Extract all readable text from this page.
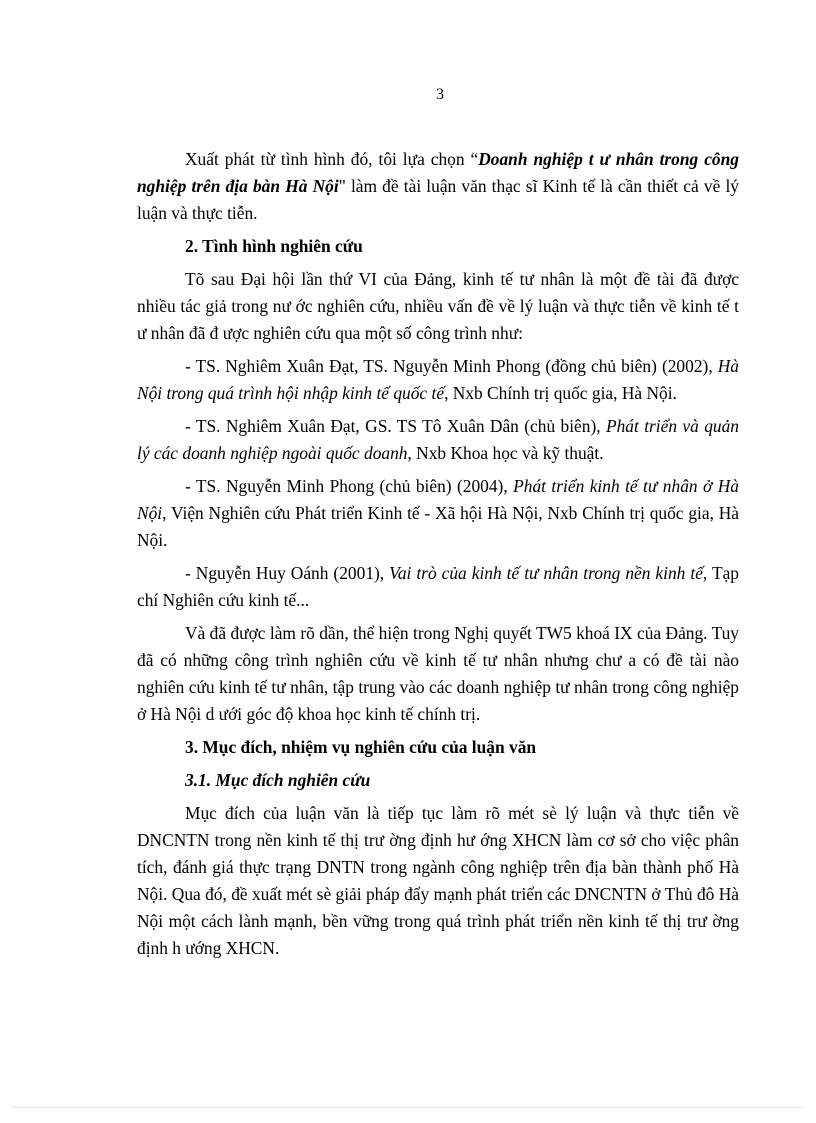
3

Xuất phát từ tình hình đó, tôi lựa chọn “Doanh nghiệp t ư nhân trong công nghiệp trên địa bàn Hà Nội" làm đề tài luận văn thạc sĩ Kinh tế là cần thiết cả về lý luận và thực tiễn.

2. Tình hình nghiên cứu

Tõ sau Đại hội lần thứ VI của Đảng, kinh tế tư nhân là một đề tài đã được nhiều tác giả trong nư ớc nghiên cứu, nhiều vấn đề về lý luận và thực tiễn về kinh tế t ư nhân đã đ ược nghiên cứu qua một số công trình như:

- TS. Nghiêm Xuân Đạt, TS. Nguyễn Minh Phong (đồng chủ biên) (2002), Hà Nội trong quá trình hội nhập kinh tế quốc tế, Nxb Chính trị quốc gia, Hà Nội.

- TS. Nghiêm Xuân Đạt, GS. TS Tô Xuân Dân (chủ biên), Phát triển và quản lý các doanh nghiệp ngoài quốc doanh, Nxb Khoa học và kỹ thuật.

- TS. Nguyễn Minh Phong (chủ biên) (2004), Phát triển kinh tế tư nhân ở Hà Nội, Viện Nghiên cứu Phát triển Kinh tế - Xã hội Hà Nội, Nxb Chính trị quốc gia, Hà Nội.

- Nguyễn Huy Oánh (2001), Vai trò của kinh tế tư nhân trong nền kinh tế, Tạp chí Nghiên cứu kinh tế...

Và đã được làm rõ dần, thể hiện trong Nghị quyết TW5 khoá IX của Đảng. Tuy đã có những công trình nghiên cứu về kinh tế tư nhân nhưng chư a có đề tài nào nghiên cứu kinh tế tư nhân, tập trung vào các doanh nghiệp tư nhân trong công nghiệp ở Hà Nội d ưới góc độ khoa học kinh tế chính trị.

3. Mục đích, nhiệm vụ nghiên cứu của luận văn

3.1. Mục đích nghiên cứu

Mục đích của luận văn là tiếp tục làm rõ mét sè lý luận và thực tiễn về DNCNTN trong nền kinh tế thị trư ờng định hư ớng XHCN làm cơ sở cho việc phân tích, đánh giá thực trạng DNTN trong ngành công nghiệp trên địa bàn thành phố Hà Nội. Qua đó, đề xuất mét sè giải pháp đẩy mạnh phát triển các DNCNTN ở Thủ đô Hà Nội một cách lành mạnh, bền vững trong quá trình phát triển nền kinh tế thị trư ờng định h ướng XHCN.
